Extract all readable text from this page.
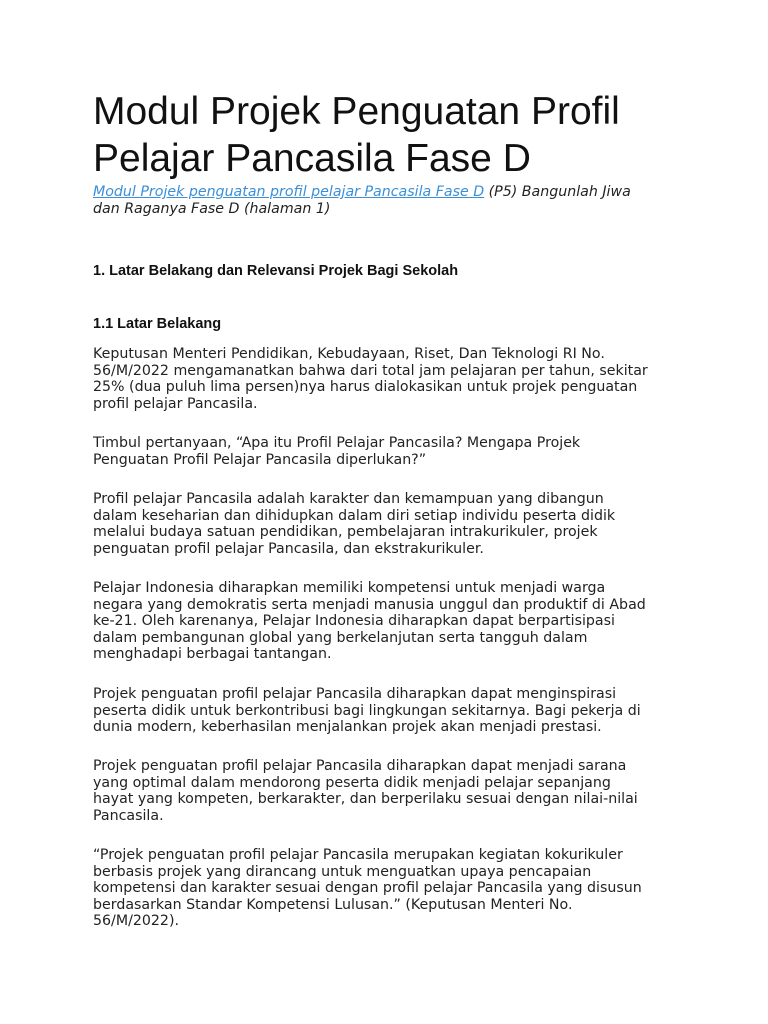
Modul Projek Penguatan Profil
Pelajar Pancasila Fase D

Modul Projek penguatan profil pelajar Pancasila Fase D (P5) Bangunlah Jiwa
dan Raganya Fase D (halaman 1)

1. Latar Belakang dan Relevansi Projek Bagi Sekolah
1.1 Latar Belakang

Keputusan Menteri Pendidikan, Kebudayaan, Riset, Dan Teknologi RI No.
56/M/2022 mengamanatkan bahwa dari total jam pelajaran per tahun, sekitar
25% (dua puluh lima persen)nya harus dialokasikan untuk projek penguatan
profil pelajar Pancasila.

Timbul pertanyaan, “Apa itu Profil Pelajar Pancasila? Mengapa Projek
Penguatan Profil Pelajar Pancasila diperlukan?”

Profil pelajar Pancasila adalah karakter dan kemampuan yang dibangun
dalam keseharian dan dihidupkan dalam diri setiap individu peserta didik
melalui budaya satuan pendidikan, pembelajaran intrakurikuler, projek
penguatan profil pelajar Pancasila, dan ekstrakurikuler.

Pelajar Indonesia diharapkan memiliki kompetensi untuk menjadi warga
negara yang demokratis serta menjadi manusia unggul dan produktif di Abad
ke-21. Oleh karenanya, Pelajar Indonesia diharapkan dapat berpartisipasi
dalam pembangunan global yang berkelanjutan serta tangguh dalam
menghadapi berbagai tantangan.

Projek penguatan profil pelajar Pancasila diharapkan dapat menginspirasi
peserta didik untuk berkontribusi bagi lingkungan sekitarnya. Bagi pekerja di
dunia modern, keberhasilan menjalankan projek akan menjadi prestasi.

Projek penguatan profil pelajar Pancasila diharapkan dapat menjadi sarana
yang optimal dalam mendorong peserta didik menjadi pelajar sepanjang
hayat yang kompeten, berkarakter, dan berperilaku sesuai dengan nilai-nilai
Pancasila.

“Projek penguatan profil pelajar Pancasila merupakan kegiatan kokurikuler
berbasis projek yang dirancang untuk menguatkan upaya pencapaian
kompetensi dan karakter sesuai dengan profil pelajar Pancasila yang disusun
berdasarkan Standar Kompetensi Lulusan.” (Keputusan Menteri No.
56/M/2022).
